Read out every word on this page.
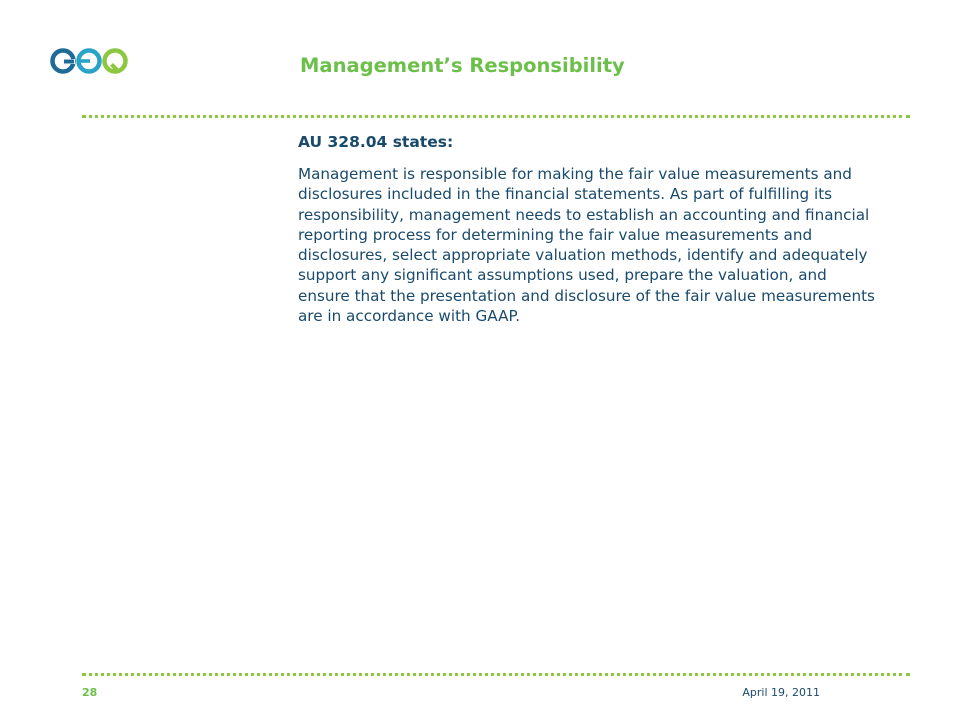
Management’s Responsibility

AU 328.04 states:

Management is responsible for making the fair value measurements and disclosures included in the financial statements. As part of fulfilling its responsibility, management needs to establish an accounting and financial reporting process for determining the fair value measurements and disclosures, select appropriate valuation methods, identify and adequately support any significant assumptions used, prepare the valuation, and ensure that the presentation and disclosure of the fair value measurements are in accordance with GAAP.

28	April 19, 2011
